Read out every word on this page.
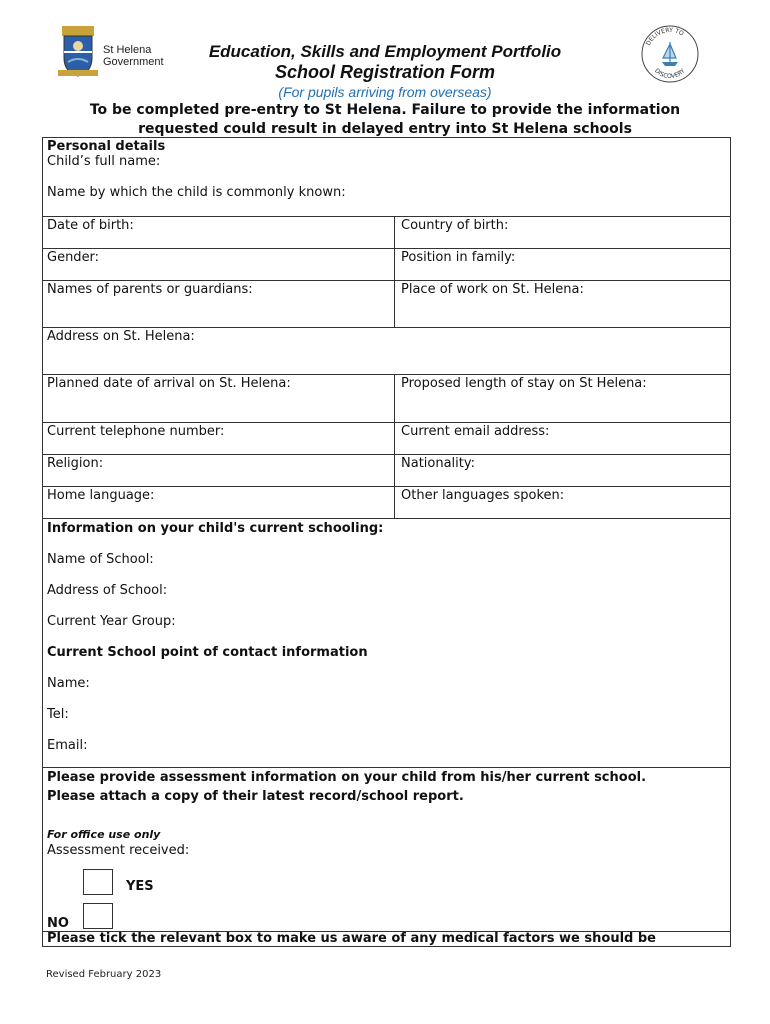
St Helena
Government
DELIVERY TO
DISCOVERY
Education, Skills and Employment Portfolio
School Registration Form
(For pupils arriving from overseas)
To be completed pre-entry to St Helena. Failure to provide the information
requested could result in delayed entry into St Helena schools
Personal details
Child’s full name:
Name by which the child is commonly known:
Date of birth:	Country of birth:
Gender:	Position in family:
Names of parents or guardians:	Place of work on St. Helena:
Address on St. Helena:
Planned date of arrival on St. Helena:	Proposed length of stay on St Helena:
Current telephone number:	Current email address:
Religion:	Nationality:
Home language:	Other languages spoken:
Information on your child's current schooling:
Name of School:
Address of School:
Current Year Group:
Current School point of contact information
Name:
Tel:
Email:
Please provide assessment information on your child from his/her current school.
Please attach a copy of their latest record/school report.
For office use only
Assessment received:
YES
NO
Please tick the relevant box to make us aware of any medical factors we should be
Revised February 2023
